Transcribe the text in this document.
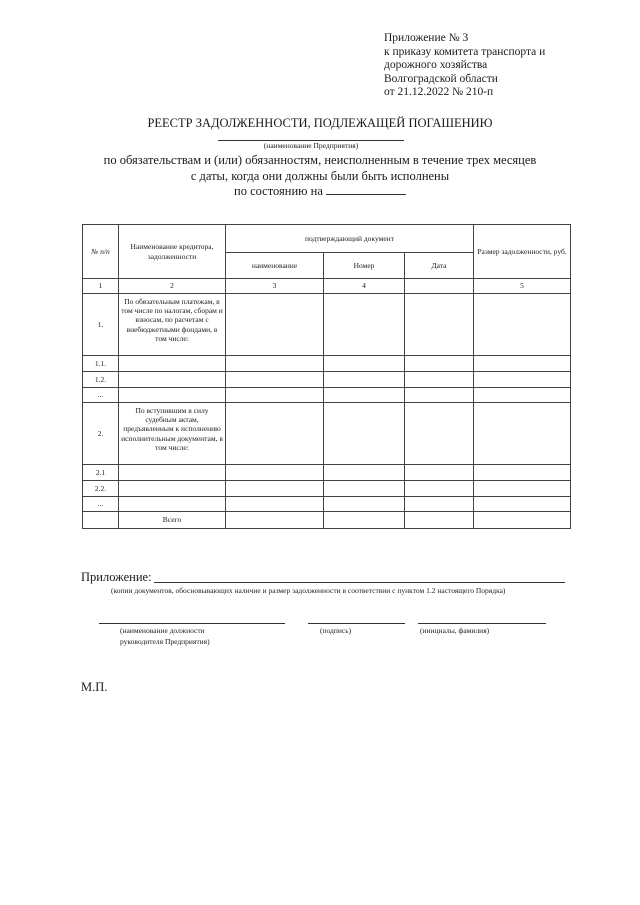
Приложение № 3
к приказу комитета транспорта и
дорожного хозяйства
Волгоградской области
от 21.12.2022 № 210-п
РЕЕСТР ЗАДОЛЖЕННОСТИ, ПОДЛЕЖАЩЕЙ ПОГАШЕНИЮ
(наименование Предприятия)
по обязательствам и (или) обязанностям, неисполненным в течение трех месяцев
с даты, когда они должны были быть исполнены
по состоянию на
№ п/п	Наименование кредитора, задолженности	подтверждающий документ			Размер задолженности, руб.
		наименование	Номер	Дата	
1	2	3	4		5
1.	По обязательным платежам, в том числе по налогам, сборам и взносам, по расчетам с внебюджетными фондами, в том числе:				
1.1.					
1.2.					
...					
2.	По вступившим в силу судебным актам, предъявленным к исполнению исполнительным документам, в том числе:				
2.1					
2.2.					
...					
	Всего				
Приложение:
(копии документов, обосновывающих наличие и размер задолженности в соответствии с пунктом 1.2 настоящего Порядка)
(наименование должности
руководителя Предприятия)
(подпись)	(инициалы, фамилия)
М.П.
